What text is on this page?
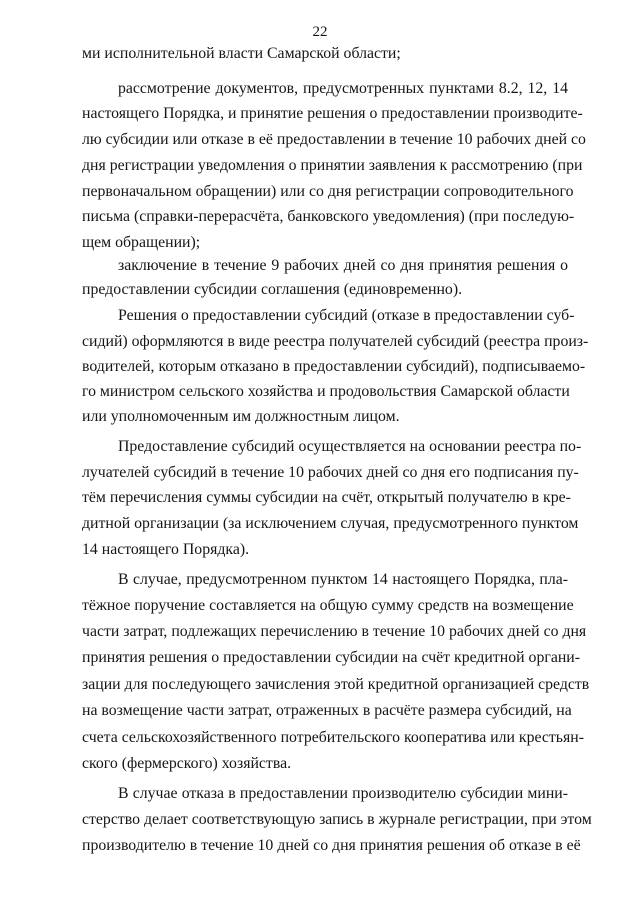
22
ми исполнительной власти Самарской области;
рассмотрение документов, предусмотренных пунктами 8.2, 12, 14
настоящего Порядка, и принятие решения о предоставлении производите-
лю субсидии или отказе в её предоставлении в течение 10 рабочих дней со
дня регистрации уведомления о принятии заявления к рассмотрению (при
первоначальном обращении) или со дня регистрации сопроводительного
письма (справки-перерасчёта, банковского уведомления) (при последую-
щем обращении);
заключение в течение 9 рабочих дней со дня принятия решения о
предоставлении субсидии соглашения (единовременно).
Решения о предоставлении субсидий (отказе в предоставлении суб-
сидий) оформляются в виде реестра получателей субсидий (реестра произ-
водителей, которым отказано в предоставлении субсидий), подписываемо-
го министром сельского хозяйства и продовольствия Самарской области
или уполномоченным им должностным лицом.
Предоставление субсидий осуществляется на основании реестра по-
лучателей субсидий в течение 10 рабочих дней со дня его подписания пу-
тём перечисления суммы субсидии на счёт, открытый получателю в кре-
дитной организации (за исключением случая, предусмотренного пунктом
14 настоящего Порядка).
В случае, предусмотренном пунктом 14 настоящего Порядка, пла-
тёжное поручение составляется на общую сумму средств на возмещение
части затрат, подлежащих перечислению в течение 10 рабочих дней со дня
принятия решения о предоставлении субсидии на счёт кредитной органи-
зации для последующего зачисления этой кредитной организацией средств
на возмещение части затрат, отраженных в расчёте размера субсидий, на
счета сельскохозяйственного потребительского кооператива или крестьян-
ского (фермерского) хозяйства.
В случае отказа в предоставлении производителю субсидии мини-
стерство делает соответствующую запись в журнале регистрации, при этом
производителю в течение 10 дней со дня принятия решения об отказе в её
